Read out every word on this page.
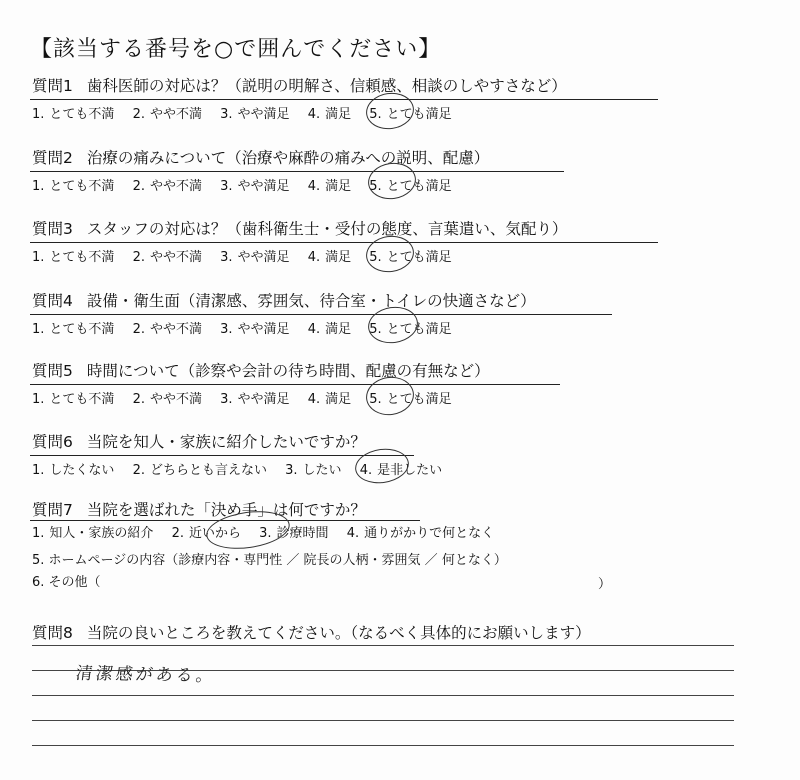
【該当する番号を○で囲んでください】
質問1 歯科医師の対応は？（説明の明解さ、信頼感、相談のしやすさなど）
1. とても不満 2. やや不満 3. やや満足 4. 満足 5. とても満足
質問2 治療の痛みについて（治療や麻酔の痛みへの説明、配慮）
1. とても不満 2. やや不満 3. やや満足 4. 満足 5. とても満足
質問3 スタッフの対応は？（歯科衛生士・受付の態度、言葉遣い、気配り）
1. とても不満 2. やや不満 3. やや満足 4. 満足 5. とても満足
質問4 設備・衛生面（清潔感、雰囲気、待合室・トイレの快適さなど）
1. とても不満 2. やや不満 3. やや満足 4. 満足 5. とても満足
質問5 時間について（診察や会計の待ち時間、配慮の有無など）
1. とても不満 2. やや不満 3. やや満足 4. 満足 5. とても満足
質問6 当院を知人・家族に紹介したいですか？
1. したくない 2. どちらとも言えない 3. したい 4. 是非したい
質問7 当院を選ばれた「決め手」は何ですか？
1. 知人・家族の紹介 2. 近いから 3. 診療時間 4. 通りがかりで何となく
5. ホームページの内容（診療内容・専門性 ／ 院長の人柄・雰囲気 ／ 何となく）
6. その他（	）
質問8 当院の良いところを教えてください。（なるべく具体的にお願いします）
清潔感がある。
